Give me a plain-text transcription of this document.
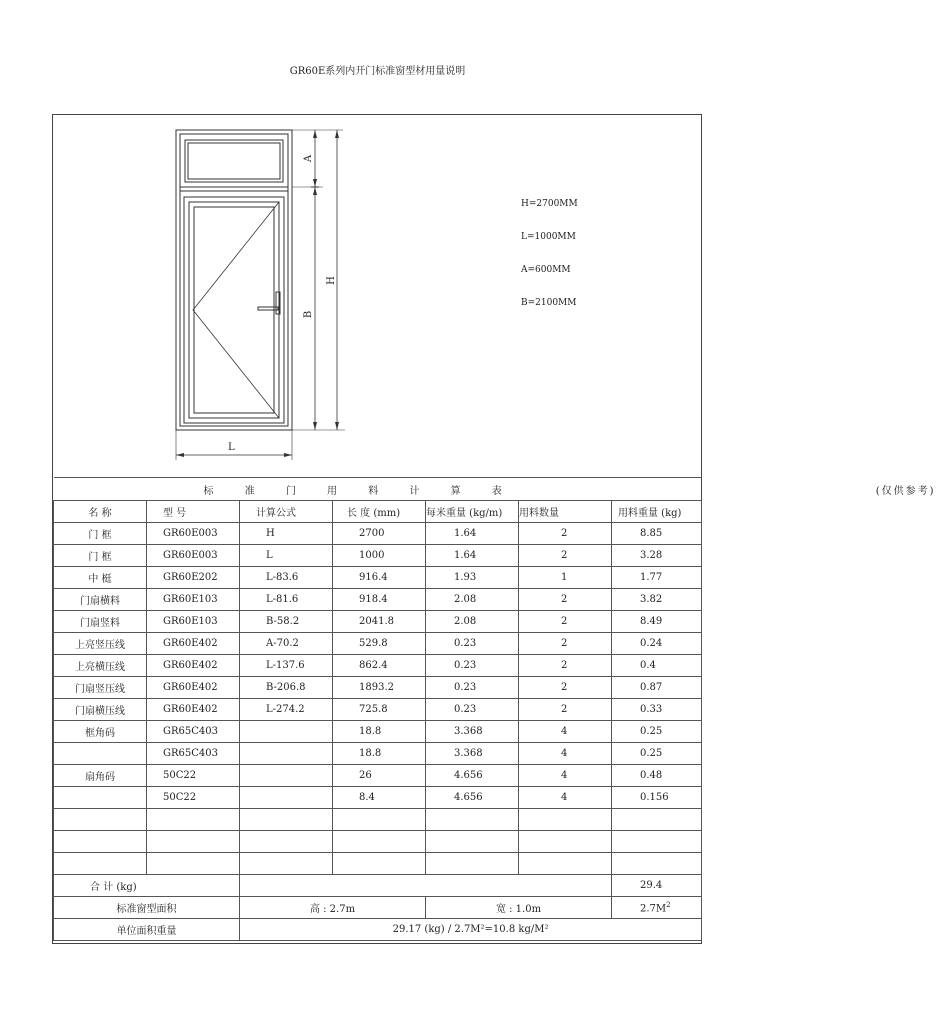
GR60E系列内开门标准窗型材用量说明
A
B
H
L
H=2700MM
L=1000MM
A=600MM
B=2100MM
标 准 门 用 料 计 算 表 (仅供参考)						
名 称	型 号	计算公式	长 度 (mm)	每米重量 (kg/m)	用料数量	用料重量 (kg)
门 框	GR60E003	H	2700	1.64	2	8.85
门 框	GR60E003	L	1000	1.64	2	3.28
中 梃	GR60E202	L-83.6	916.4	1.93	1	1.77
门扇横料	GR60E103	L-81.6	918.4	2.08	2	3.82
门扇竖料	GR60E103	B-58.2	2041.8	2.08	2	8.49
上亮竖压线	GR60E402	A-70.2	529.8	0.23	2	0.24
上亮横压线	GR60E402	L-137.6	862.4	0.23	2	0.4
门扇竖压线	GR60E402	B-206.8	1893.2	0.23	2	0.87
门扇横压线	GR60E402	L-274.2	725.8	0.23	2	0.33
框角码	GR65C403		18.8	3.368	4	0.25
	GR65C403		18.8	3.368	4	0.25
扇角码	50C22		26	4.656	4	0.48
	50C22		8.4	4.656	4	0.156

合 计 (kg)						29.4
标准窗型面积		高 : 2.7m		宽 : 1.0m		$2.7M^2$
单位面积重量		29.17 (kg) / 2.7M²=10.8 kg/M²				
